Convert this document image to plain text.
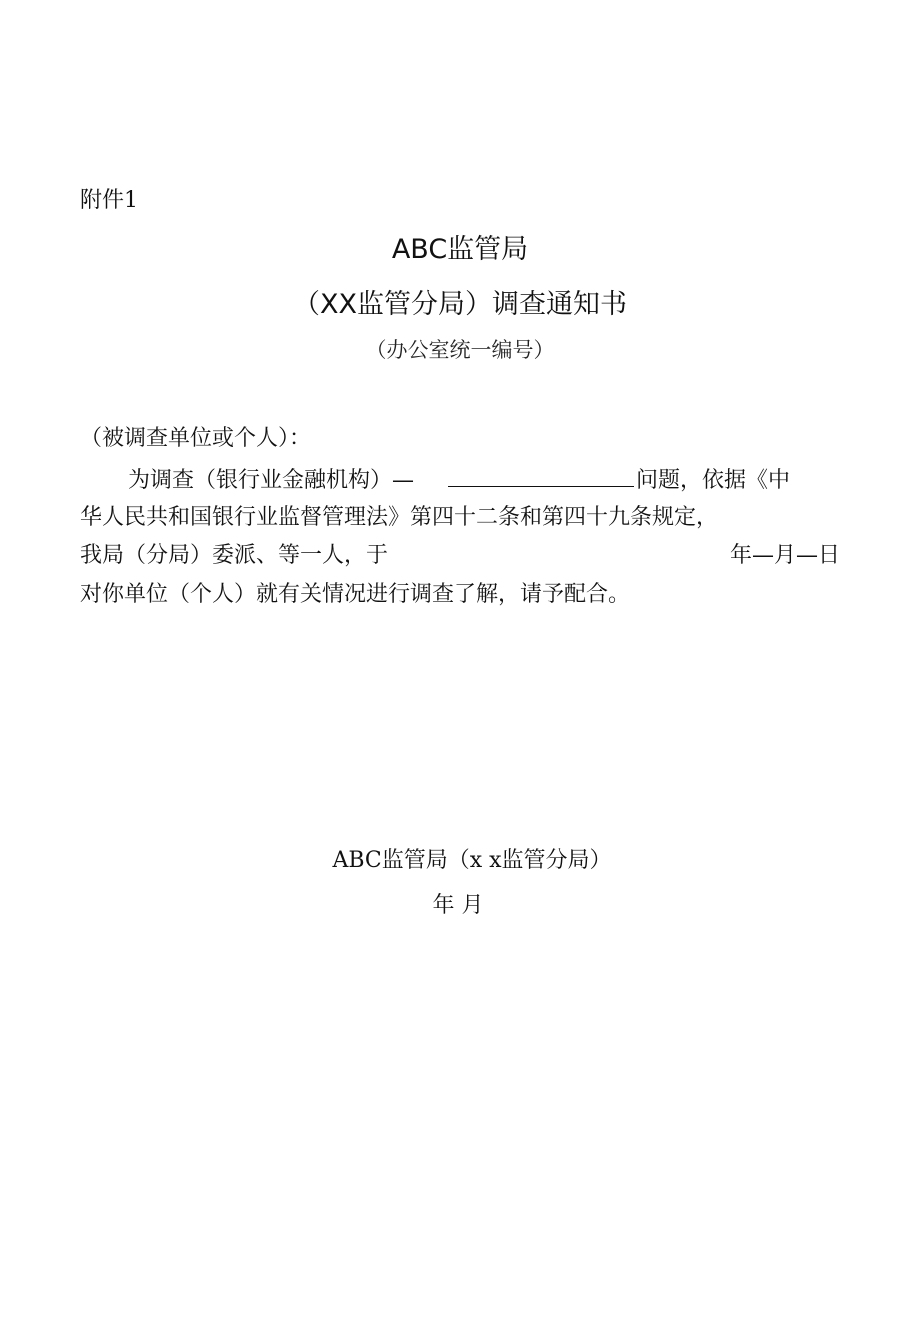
附件1
ABC监管局
（XX监管分局）调查通知书
（办公室统一编号）
（被调查单位或个人）：
为调查（银行业金融机构）—	问题，依据《中
华人民共和国银行业监督管理法》第四十二条和第四十九条规定，
我局（分局）委派、等一人，于	年—月—日
对你单位（个人）就有关情况进行调查了解，请予配合。
ABC监管局（x x监管分局）
年 月
